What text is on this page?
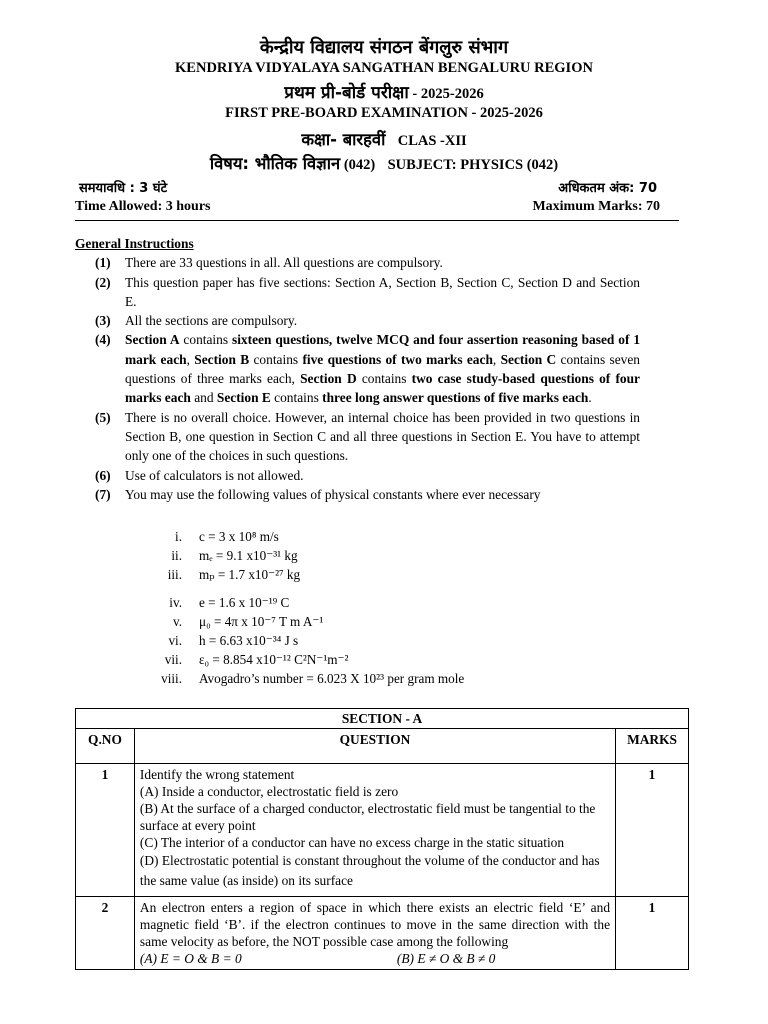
केन्द्रीय विद्यालय संगठन बेंगलुरु संभाग
KENDRIYA VIDYALAYA SANGATHAN BENGALURU REGION
प्रथम प्री-बोर्ड परीक्षा - 2025-2026
FIRST PRE-BOARD EXAMINATION - 2025-2026
कक्षा- बारहवीं CLAS -XII
विषय: भौतिक विज्ञान (042) SUBJECT: PHYSICS (042)
समयावधि : 3 घंटे	अधिकतम अंक: 70
Time Allowed: 3 hours	Maximum Marks: 70
General Instructions
(1)	There are 33 questions in all. All questions are compulsory.
(2)	This question paper has five sections: Section A, Section B, Section C, Section D and Section E.
(3)	All the sections are compulsory.
(4)	Section A contains sixteen questions, twelve MCQ and four assertion reasoning based of 1 mark each, Section B contains five questions of two marks each, Section C contains seven questions of three marks each, Section D contains two case study-based questions of four marks each and Section E contains three long answer questions of five marks each.
(5)	There is no overall choice. However, an internal choice has been provided in two questions in Section B, one question in Section C and all three questions in Section E. You have to attempt only one of the choices in such questions.
(6)	Use of calculators is not allowed.
(7)	You may use the following values of physical constants where ever necessary
i. c = 3 x 10⁸ m/s
ii. mₑ = 9.1 x10⁻³¹ kg
iii. mₚ = 1.7 x10⁻²⁷ kg
iv. e = 1.6 x 10⁻¹⁹ C
v. μ₀ = 4π x 10⁻⁷ T m A⁻¹
vi. h = 6.63 x10⁻³⁴ J s
vii. ε₀ = 8.854 x10⁻¹² C²N⁻¹m⁻²
viii. Avogadro’s number = 6.023 X 10²³ per gram mole
SECTION - A		
Q.NO	QUESTION	MARKS
1	Identify the wrong statement
(A) Inside a conductor, electrostatic field is zero
(B) At the surface of a charged conductor, electrostatic field must be tangential to the surface at every point
(C) The interior of a conductor can have no excess charge in the static situation
(D) Electrostatic potential is constant throughout the volume of the conductor and has the same value (as inside) on its surface	1
2	An electron enters a region of space in which there exists an electric field ‘E’ and magnetic field ‘B’. if the electron continues to move in the same direction with the same velocity as before, the NOT possible case among the following
(A) E = O & B = 0 (B) E ≠ O & B ≠ 0	1
